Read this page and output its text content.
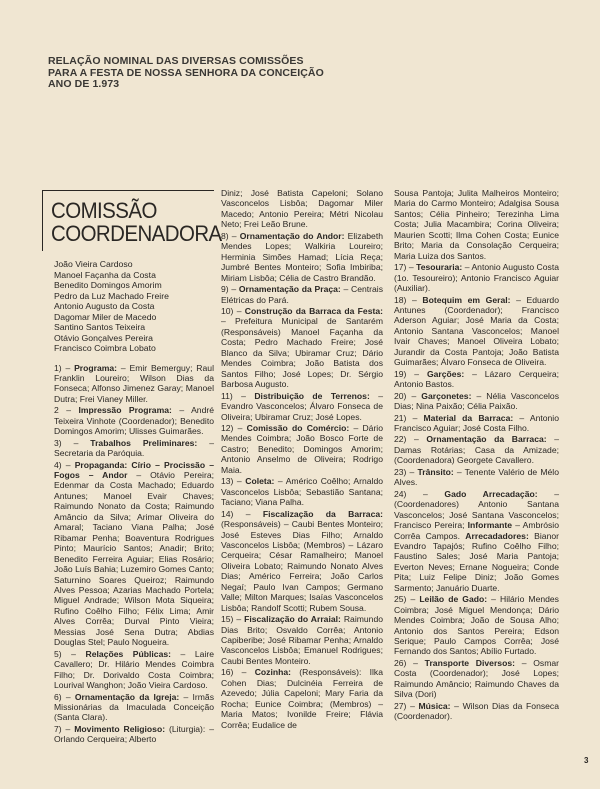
RELAÇÃO NOMINAL DAS DIVERSAS COMISSÕES
PARA A FESTA DE NOSSA SENHORA DA CONCEIÇÃO
ANO DE 1.973
COMISSÃO
COORDENADORA
João Vieira Cardoso
Manoel Façanha da Costa
Benedito Domingos Amorim
Pedro da Luz Machado Freire
Antonio Augusto da Costa
Dagomar Miler de Macedo
Santino Santos Teixeira
Otávio Gonçalves Pereira
Francisco Coimbra Lobato
1) – Programa: – Emir Bemerguy; Raul Franklin Loureiro; Wilson Dias da Fonseca; Alfonso Jimenez Garay; Manoel Dutra; Frei Vianey Miller.
2 – Impressão Programa: – André Teixeira Vinhote (Coordenador); Benedito Domingos Amorim; Ulisses Guimarães.
3) – Trabalhos Preliminares: – Secretaria da Paróquia.
4) – Propaganda: Círio – Procissão – Fogos – Andor – Otávio Pereira; Edenmar da Costa Machado; Eduardo Antunes; Manoel Evair Chaves; Raimundo Nonato da Costa; Raimundo Amâncio da Silva; Arimar Oliveira do Amaral; Taciano Viana Palha; José Ribamar Penha; Boaventura Rodrigues Pinto; Maurício Santos; Anadir; Brito; Benedito Ferreira Aguiar; Elias Rosário; João Luís Bahia; Luzemiro Gomes Canto; Saturnino Soares Queiroz; Raimundo Alves Pessoa; Azarias Machado Portela; Miguel Andrade; Wilson Mota Siqueira; Rufino Coêlho Filho; Félix Lima; Amir Alves Corrêa; Durval Pinto Vieira; Messias José Sena Dutra; Abdias Douglas Stel; Paulo Nogueira.
5) – Relações Públicas: – Laire Cavallero; Dr. Hilário Mendes Coimbra Filho; Dr. Dorivaldo Costa Coimbra; Lourival Wanghon; João Vieira Cardoso.
6) – Ornamentação da Igreja: – Irmãs Missionárias da Imaculada Conceição (Santa Clara).
7) – Movimento Religioso: (Liturgia): – Orlando Cerqueira; Alberto
Diniz; José Batista Capeloni; Solano Vasconcelos Lisbôa; Dagomar Miler Macedo; Antonio Pereira; Métri Nicolau Neto; Frei Leão Brune.
8) – Ornamentação do Andor: Elizabeth Mendes Lopes; Walkiria Loureiro; Herminia Simões Hamad; Lícia Reça; Jumbré Bentes Monteiro; Sofia Imbiriba; Miriam Lisbôa; Célia de Castro Brandão.
9) – Ornamentação da Praça: – Centrais Elétricas do Pará.
10) – Construção da Barraca da Festa: – Prefeitura Municipal de Santarém (Responsáveis) Manoel Façanha da Costa; Pedro Machado Freire; José Blanco da Silva; Ubiramar Cruz; Dário Mendes Coimbra; João Batista dos Santos Filho; José Lopes; Dr. Sérgio Barbosa Augusto.
11) – Distribuição de Terrenos: – Evandro Vasconcelos; Álvaro Fonseca de Oliveira; Ubiramar Cruz; José Lopes.
12) – Comissão do Comércio: – Dário Mendes Coimbra; João Bosco Forte de Castro; Benedito; Domingos Amorim; Antonio Anselmo de Oliveira; Rodrigo Maia.
13) – Coleta: – Américo Coêlho; Arnaldo Vasconcelos Lisbôa; Sebastião Santana; Taciano; Viana Palha.
14) – Fiscalização da Barraca: (Responsáveis) – Caubi Bentes Monteiro; José Esteves Dias Filho; Arnaldo Vasconcelos Lisbôa; (Membros) – Lázaro Cerqueira; César Ramalheiro; Manoel Oliveira Lobato; Raimundo Nonato Alves Dias; Américo Ferreira; João Carlos Negaí; Paulo Ivan Campos; Germano Valle; Milton Marques; Isaías Vasconcelos Lisbôa; Randolf Scotti; Rubem Sousa.
15) – Fiscalização do Arraial: Raimundo Dias Brito; Osvaldo Corrêa; Antonio Capiberibe; José Ribamar Penha; Arnaldo Vasconcelos Lisbôa; Emanuel Rodrigues; Caubi Bentes Monteiro.
16) – Cozinha: (Responsáveis): Ilka Cohen Dias; Dulcinéia Ferreira de Azevedo; Júlia Capeloni; Mary Faria da Rocha; Eunice Coimbra; (Membros) – Maria Matos; Ivonilde Freire; Flávia Corrêa; Eudalice de
Sousa Pantoja; Julita Malheiros Monteiro; Maria do Carmo Monteiro; Adalgisa Sousa Santos; Célia Pinheiro; Terezinha Lima Costa; Julia Macambira; Corina Oliveira; Maurien Scotti; Ilma Cohen Costa; Eunice Brito; Maria da Consolação Cerqueira; Maria Luiza dos Santos.
17) – Tesouraria: – Antonio Augusto Costa (1o. Tesoureiro); Antonio Francisco Aguiar (Auxiliar).
18) – Botequim em Geral: – Eduardo Antunes (Coordenador); Francisco Aderson Aguiar; José Maria da Costa; Antonio Santana Vasconcelos; Manoel Ivair Chaves; Manoel Oliveira Lobato; Jurandir da Costa Pantoja; João Batista Guimarães; Álvaro Fonseca de Oliveira.
19) – Garções: – Lázaro Cerqueira; Antonio Bastos.
20) – Garçonetes: – Nélia Vasconcelos Dias; Nina Paixão; Célia Paixão.
21) – Material da Barraca: – Antonio Francisco Aguiar; José Costa Filho.
22) – Ornamentação da Barraca: – Damas Rotárias; Casa da Amizade; (Coordenadora) Georgete Cavallero.
23) – Trânsito: – Tenente Valério de Mélo Alves.
24) – Gado Arrecadação: – (Coordenadores) Antonio Santana Vasconcelos; José Santana Vasconcelos; Francisco Pereira; Informante – Ambrósio Corrêa Campos. Arrecadadores: Bianor Evandro Tapajós; Rufino Coêlho Filho; Faustino Sales; José Maria Pantoja; Everton Neves; Ernane Nogueira; Conde Pita; Luiz Felipe Diniz; João Gomes Sarmento; Januário Duarte.
25) – Leilão de Gado: – Hilário Mendes Coimbra; José Miguel Mendonça; Dário Mendes Coimbra; João de Sousa Alho; Antonio dos Santos Pereira; Edson Serique; Paulo Campos Corrêa; José Fernando dos Santos; Abílio Furtado.
26) – Transporte Diversos: – Osmar Costa (Coordenador); José Lopes; Raimundo Amâncio; Raimundo Chaves da Silva (Dori)
27) – Música: – Wilson Dias da Fonseca (Coordenador).
3
